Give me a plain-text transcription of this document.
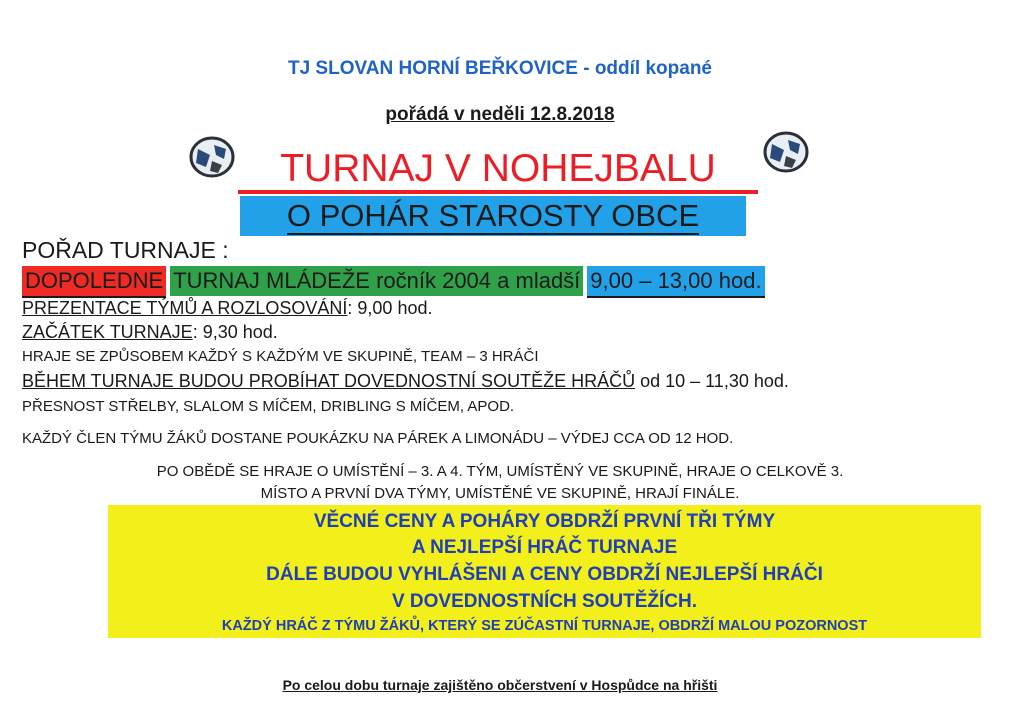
TJ SLOVAN HORNÍ BEŘKOVICE - oddíl kopané
pořádá v neděli 12.8.2018
TURNAJ V NOHEJBALU
O POHÁR STAROSTY OBCE
POŘAD TURNAJE :
DOPOLEDNE TURNAJ MLÁDEŽE ročník 2004 a mladší 9,00 – 13,00 hod.
PREZENTACE TÝMŮ A ROZLOSOVÁNÍ: 9,00 hod.
ZAČÁTEK TURNAJE: 9,30 hod.
HRAJE SE ZPŮSOBEM KAŽDÝ S KAŽDÝM VE SKUPINĚ, TEAM – 3 HRÁČI
BĚHEM TURNAJE BUDOU PROBÍHAT DOVEDNOSTNÍ SOUTĚŽE HRÁČŮ od 10 – 11,30 hod.
PŘESNOST STŘELBY, SLALOM S MÍČEM, DRIBLING S MÍČEM, APOD.
KAŽDÝ ČLEN TÝMU ŽÁKŮ DOSTANE POUKÁZKU NA PÁREK A LIMONÁDU – VÝDEJ CCA OD 12 HOD.
PO OBĚDĚ SE HRAJE O UMÍSTĚNÍ – 3. A 4. TÝM, UMÍSTĚNÝ VE SKUPINĚ, HRAJE O CELKOVĚ 3.
MÍSTO A PRVNÍ DVA TÝMY, UMÍSTĚNÉ VE SKUPINĚ, HRAJÍ FINÁLE.
VĚCNÉ CENY A POHÁRY OBDRŽÍ PRVNÍ TŘI TÝMY
A NEJLEPŠÍ HRÁČ TURNAJE
DÁLE BUDOU VYHLÁŠENI A CENY OBDRŽÍ NEJLEPŠÍ HRÁČI
V DOVEDNOSTNÍCH SOUTĚŽÍCH.
KAŽDÝ HRÁČ Z TÝMU ŽÁKŮ, KTERÝ SE ZÚČASTNÍ TURNAJE, OBDRŽÍ MALOU POZORNOST
Po celou dobu turnaje zajištěno občerstvení v Hospůdce na hřišti
